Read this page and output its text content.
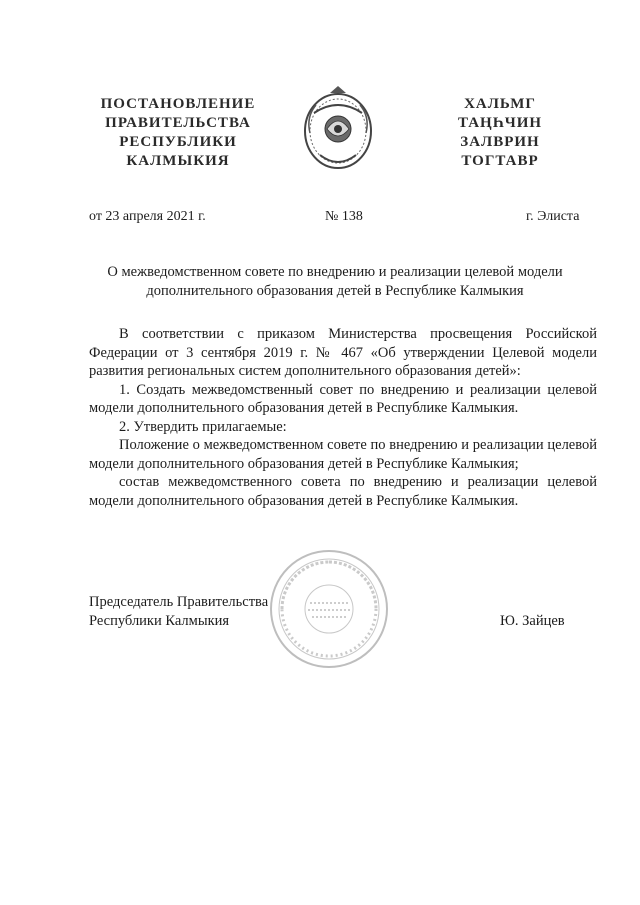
ПОСТАНОВЛЕНИЕ
ПРАВИТЕЛЬСТВА
РЕСПУБЛИКИ
КАЛМЫКИЯ
ХАЛЬМГ
ТАҢҺЧИН
ЗАЛВРИН
ТОГТАВР
от 23 апреля 2021 г.	№ 138	г. Элиста
О межведомственном совете по внедрению и реализации целевой модели
дополнительного образования детей в Республике Калмыкия

В соответствии с приказом Министерства просвещения Российской Федерации от 3 сентября 2019 г. № 467 «Об утверждении Целевой модели развития региональных систем дополнительного образования детей»:

1. Создать межведомственный совет по внедрению и реализации целевой модели дополнительного образования детей в Республике Калмыкия.

2. Утвердить прилагаемые:

Положение о межведомственном совете по внедрению и реализации целевой модели дополнительного образования детей в Республике Калмыкия;

состав межведомственного совета по внедрению и реализации целевой модели дополнительного образования детей в Республике Калмыкия.

Председатель Правительства
Республики Калмыкия	Ю. Зайцев
